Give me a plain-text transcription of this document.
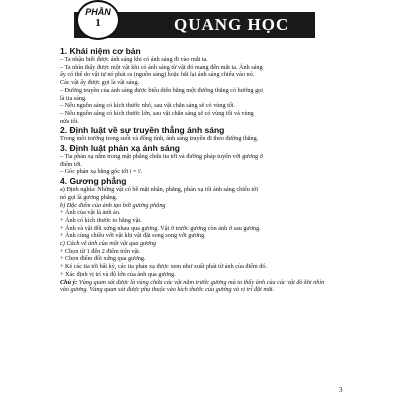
QUANG HỌC
PHẦN
1

1. Khái niệm cơ bản

– Ta nhận biết được ánh sáng khi có ánh sáng đi vào mắt ta.

– Ta nhìn thấy được một vật khi có ánh sáng từ vật đó mang đến mắt ta. Ánh sáng

ấy có thể do vật tự nó phát ra (nguồn sáng) hoặc hắt lại ánh sáng chiếu vào nó.

Các vật ấy được gọi là vật sáng.

– Đường truyền của ánh sáng được biểu diễn bằng một đường thẳng có hướng gọi

là tia sáng.

– Nếu nguồn sáng có kích thước nhỏ, sau vật chắn sáng sẽ có vùng tối.

– Nếu nguồn sáng có kích thước lớn, sau vật chắn sáng sẽ có vùng tối và vùng

nửa tối.

2. Định luật về sự truyền thẳng ánh sáng

Trong môi trường trong suốt và đồng tính, ánh sáng truyền đi theo đường thẳng.

3. Định luật phản xạ ánh sáng

– Tia phản xạ nằm trong mặt phẳng chứa tia tới và đường pháp tuyến với gương ở

điểm tới.

– Góc phản xạ bằng góc tới i = i'.

4. Gương phẳng

a) Định nghĩa: Những vật có bề mặt nhẵn, phẳng, phản xạ tốt ánh sáng chiếu tới

nó gọi là gương phẳng.

b) Đặc điểm của ảnh tạo bởi gương phẳng

+ Ảnh của vật là ảnh ảo.

+ Ảnh có kích thước to bằng vật.

+ Ảnh và vật đối xứng nhau qua gương. Vật ở trước gương còn ảnh ở sau gương.

+ Ảnh cùng chiều với vật khi vật đặt song song với gương.

c) Cách vẽ ảnh của một vật qua gương

+ Chọn từ 1 đến 2 điểm trên vật.

+ Chọn điểm đối xứng qua gương.

+ Kẻ các tia tới bất kỳ, các tia phản xạ được xem như xuất phát từ ảnh của điểm đó.

+ Xác định vị trí và độ lớn của ảnh qua gương.

Chú ý: Vùng quan sát được là vùng chứa các vật nằm trước gương mà ta thấy ảnh của các vật đó khi nhìn vào gương. Vùng quan sát được phụ thuộc vào kích thước của gương và vị trí đặt mắt.

3
